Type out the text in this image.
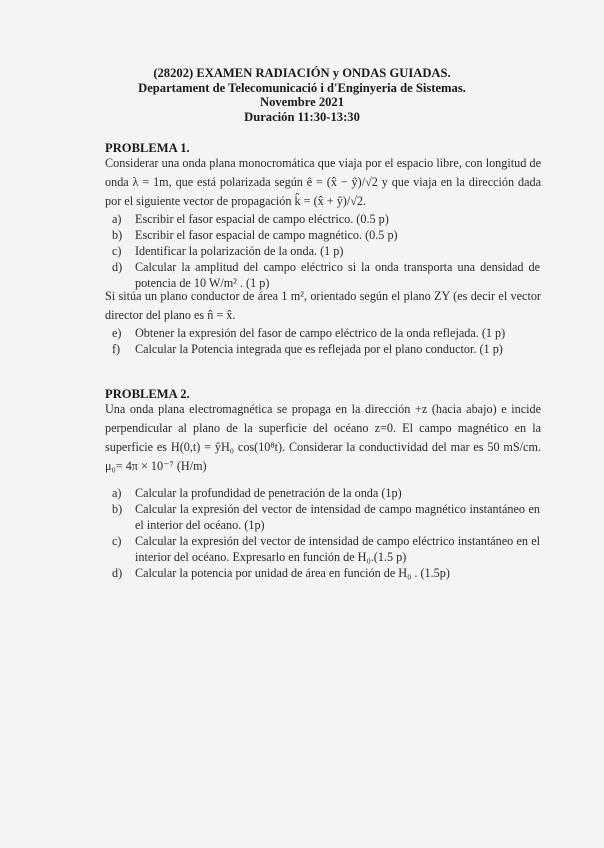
(28202) EXAMEN RADIACIÓN y ONDAS GUIADAS.
Departament de Telecomunicació i d'Enginyeria de Sistemas.
Novembre 2021
Duración 11:30-13:30
PROBLEMA 1.
Considerar una onda plana monocromática que viaja por el espacio libre, con longitud de onda λ = 1m, que está polarizada según ê = (x̂ − ŷ)/√2 y que viaja en la dirección dada por el siguiente vector de propagación k̂ = (x̂ + ŷ)/√2.
a)	Escribir el fasor espacial de campo eléctrico. (0.5 p)
b)	Escribir el fasor espacial de campo magnético. (0.5 p)
c)	Identificar la polarización de la onda. (1 p)
d)	Calcular la amplitud del campo eléctrico si la onda transporta una densidad de potencia de 10 W/m² . (1 p)
Si sitúa un plano conductor de área 1 m², orientado según el plano ZY (es decir el vector director del plano es n̂ = x̂.
e)	Obtener la expresión del fasor de campo eléctrico de la onda reflejada. (1 p)
f)	Calcular la Potencia integrada que es reflejada por el plano conductor. (1 p)
PROBLEMA 2.
Una onda plana electromagnética se propaga en la dirección +z (hacia abajo) e incide perpendicular al plano de la superficie del océano z=0. El campo magnético en la superficie es H(0,t) = ŷH₀ cos(10⁸t). Considerar la conductividad del mar es 50 mS/cm. μ₀= 4π × 10⁻⁷ (H/m)
a)	Calcular la profundidad de penetración de la onda (1p)
b)	Calcular la expresión del vector de intensidad de campo magnético instantáneo en el interior del océano. (1p)
c)	Calcular la expresión del vector de intensidad de campo eléctrico instantáneo en el interior del océano. Expresarlo en función de H₀.(1.5 p)
d)	Calcular la potencia por unidad de área en función de H₀ . (1.5p)
